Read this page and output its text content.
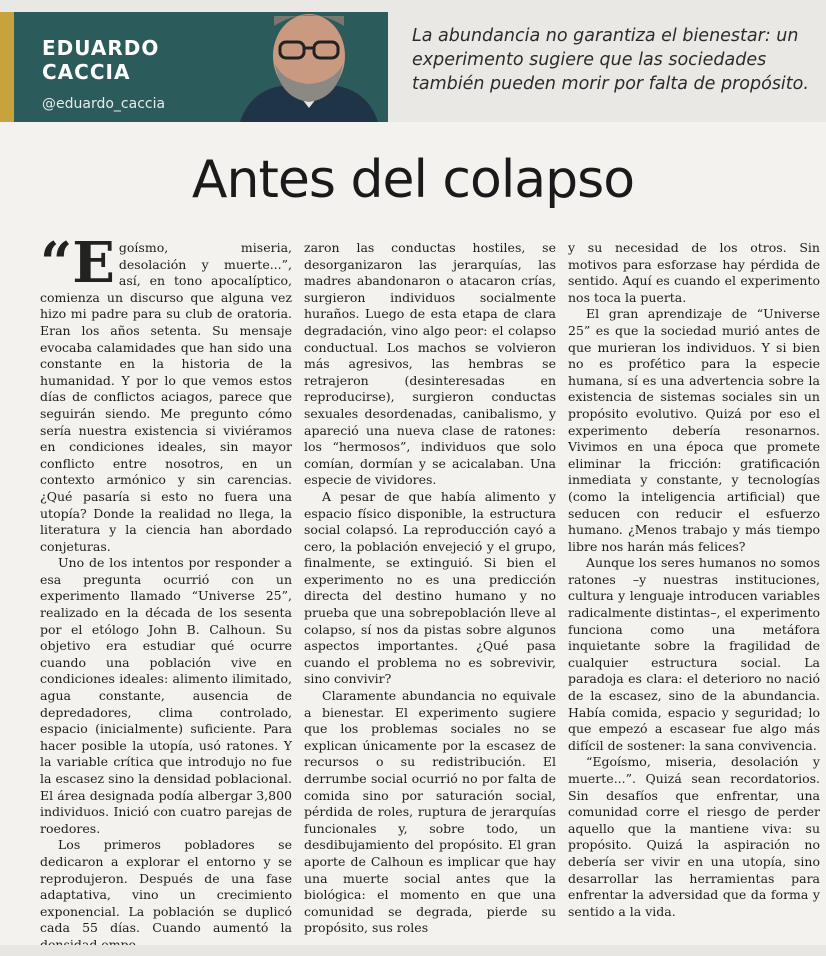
EDUARDO CACCIA
@eduardo_caccia

La abundancia no garantiza el bienestar: un experimento sugiere que las sociedades también pueden morir por falta de propósito.

Antes del colapso

“Egoísmo, miseria, desolación y muerte...”, así, en tono apocalíptico, comienza un discurso que alguna vez hizo mi padre para su club de oratoria. Eran los años setenta. Su mensaje evocaba calamidades que han sido una constante en la historia de la humanidad. Y por lo que vemos estos días de conflictos aciagos, parece que seguirán siendo. Me pregunto cómo sería nuestra existencia si viviéramos en condiciones ideales, sin mayor conflicto entre nosotros, en un contexto armónico y sin carencias. ¿Qué pasaría si esto no fuera una utopía? Donde la realidad no llega, la literatura y la ciencia han abordado conjeturas.

Uno de los intentos por responder a esa pregunta ocurrió con un experimento llamado “Universe 25”, realizado en la década de los sesenta por el etólogo John B. Calhoun. Su objetivo era estudiar qué ocurre cuando una población vive en condiciones ideales: alimento ilimitado, agua constante, ausencia de depredadores, clima controlado, espacio (inicialmente) suficiente. Para hacer posible la utopía, usó ratones. Y la variable crítica que introdujo no fue la escasez sino la densidad poblacional. El área designada podía albergar 3,800 individuos. Inició con cuatro parejas de roedores.

Los primeros pobladores se dedicaron a explorar el entorno y se reprodujeron. Después de una fase adaptativa, vino un crecimiento exponencial. La población se duplicó cada 55 días. Cuando aumentó la

zaron las conductas hostiles, se desorganizaron las jerarquías, las madres abandonaron o atacaron crías, surgieron individuos socialmente huraños. Luego de esta etapa de clara degradación, vino algo peor: el colapso conductual. Los machos se volvieron más agresivos, las hembras se retrajeron (desinteresadas en reproducirse), surgieron conductas sexuales desordenadas, canibalismo, y apareció una nueva clase de ratones: los “hermosos”, individuos que solo comían, dormían y se acicalaban. Una especie de vividores.

A pesar de que había alimento y espacio físico disponible, la estructura social colapsó. La reproducción cayó a cero, la población envejeció y el grupo, finalmente, se extinguió. Si bien el experimento no es una predicción directa del destino humano y no prueba que una sobrepoblación lleve al colapso, sí nos da pistas sobre algunos aspectos importantes. ¿Qué pasa cuando el problema no es sobrevivir, sino convivir?

Claramente abundancia no equivale a bienestar. El experimento sugiere que los problemas sociales no se explican únicamente por la escasez de recursos o su redistribución. El derrumbe social ocurrió no por falta de comida sino por saturación social, pérdida de roles, ruptura de jerarquías funcionales y, sobre todo, un desdibujamiento del propósito. El gran aporte de Calhoun es implicar que hay una muerte social antes que la biológica: el momento en que una comunidad se degrada, pierde su propósito, sus roles

y su necesidad de los otros. Sin motivos para esforzase hay pérdida de sentido. Aquí es cuando el experimento nos toca la puerta.

El gran aprendizaje de “Universe 25” es que la sociedad murió antes de que murieran los individuos. Y si bien no es profético para la especie humana, sí es una advertencia sobre la existencia de sistemas sociales sin un propósito evolutivo. Quizá por eso el experimento debería resonarnos. Vivimos en una época que promete eliminar la fricción: gratificación inmediata y constante, y tecnologías (como la inteligencia artificial) que seducen con reducir el esfuerzo humano. ¿Menos trabajo y más tiempo libre nos harán más felices?

Aunque los seres humanos no somos ratones –y nuestras instituciones, cultura y lenguaje introducen variables radicalmente distintas–, el experimento funciona como una metáfora inquietante sobre la fragilidad de cualquier estructura social. La paradoja es clara: el deterioro no nació de la escasez, sino de la abundancia. Había comida, espacio y seguridad; lo que empezó a escasear fue algo más difícil de sostener: la sana convivencia.

“Egoísmo, miseria, desolación y muerte...”. Quizá sean recordatorios. Sin desafíos que enfrentar, una comunidad corre el riesgo de perder aquello que la mantiene viva: su propósito. Quizá la aspiración no debería ser vivir en una utopía, sino desarrollar las herramientas para enfrentar la adversidad que da forma y sentido a la vida.
